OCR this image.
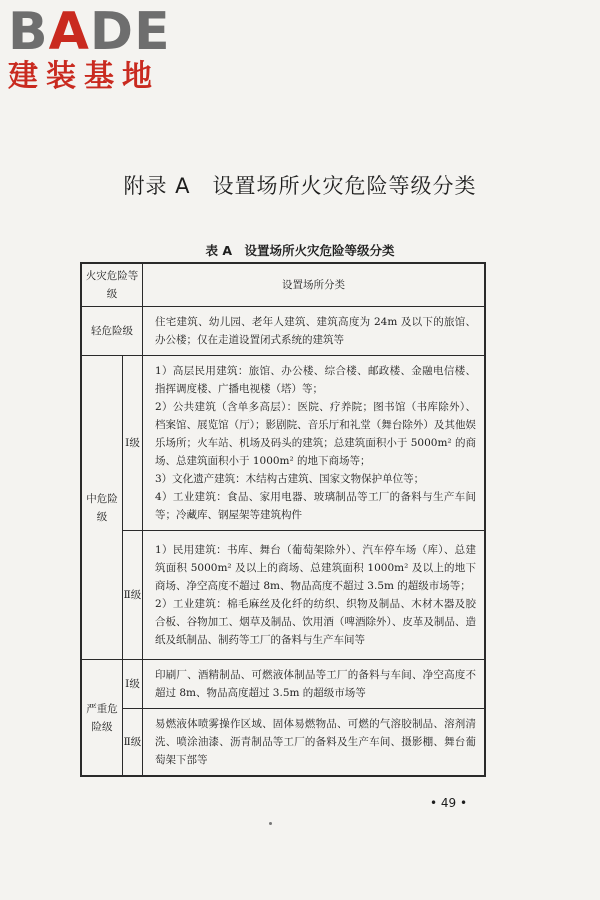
BADE
建装基地
附录 A　设置场所火灾危险等级分类
表 A　设置场所火灾危险等级分类
火灾危险等级		设置场所分类
轻危险级		住宅建筑、幼儿园、老年人建筑、建筑高度为 24m 及以下的旅馆、办公楼；仅在走道设置闭式系统的建筑等

中危险级	Ⅰ级	1）高层民用建筑：旅馆、办公楼、综合楼、邮政楼、金融电信楼、指挥调度楼、广播电视楼（塔）等；

2）公共建筑（含单多高层）：医院、疗养院；图书馆（书库除外）、档案馆、展览馆（厅）；影剧院、音乐厅和礼堂（舞台除外）及其他娱乐场所；火车站、机场及码头的建筑；总建筑面积小于 5000m² 的商场、总建筑面积小于 1000m² 的地下商场等；

3）文化遗产建筑：木结构古建筑、国家文物保护单位等；

4）工业建筑：食品、家用电器、玻璃制品等工厂的备料与生产车间等；冷藏库、钢屋架等建筑构件

	Ⅱ级	1）民用建筑：书库、舞台（葡萄架除外）、汽车停车场（库）、总建筑面积 5000m² 及以上的商场、总建筑面积 1000m² 及以上的地下商场、净空高度不超过 8m、物品高度不超过 3.5m 的超级市场等；

2）工业建筑：棉毛麻丝及化纤的纺织、织物及制品、木材木器及胶合板、谷物加工、烟草及制品、饮用酒（啤酒除外）、皮革及制品、造纸及纸制品、制药等工厂的备料与生产车间等

严重危险级	Ⅰ级	印刷厂、酒精制品、可燃液体制品等工厂的备料与车间、净空高度不超过 8m、物品高度超过 3.5m 的超级市场等

	Ⅱ级	易燃液体喷雾操作区域、固体易燃物品、可燃的气溶胶制品、溶剂清洗、喷涂油漆、沥青制品等工厂的备料及生产车间、摄影棚、舞台葡萄架下部等

• 49 •
